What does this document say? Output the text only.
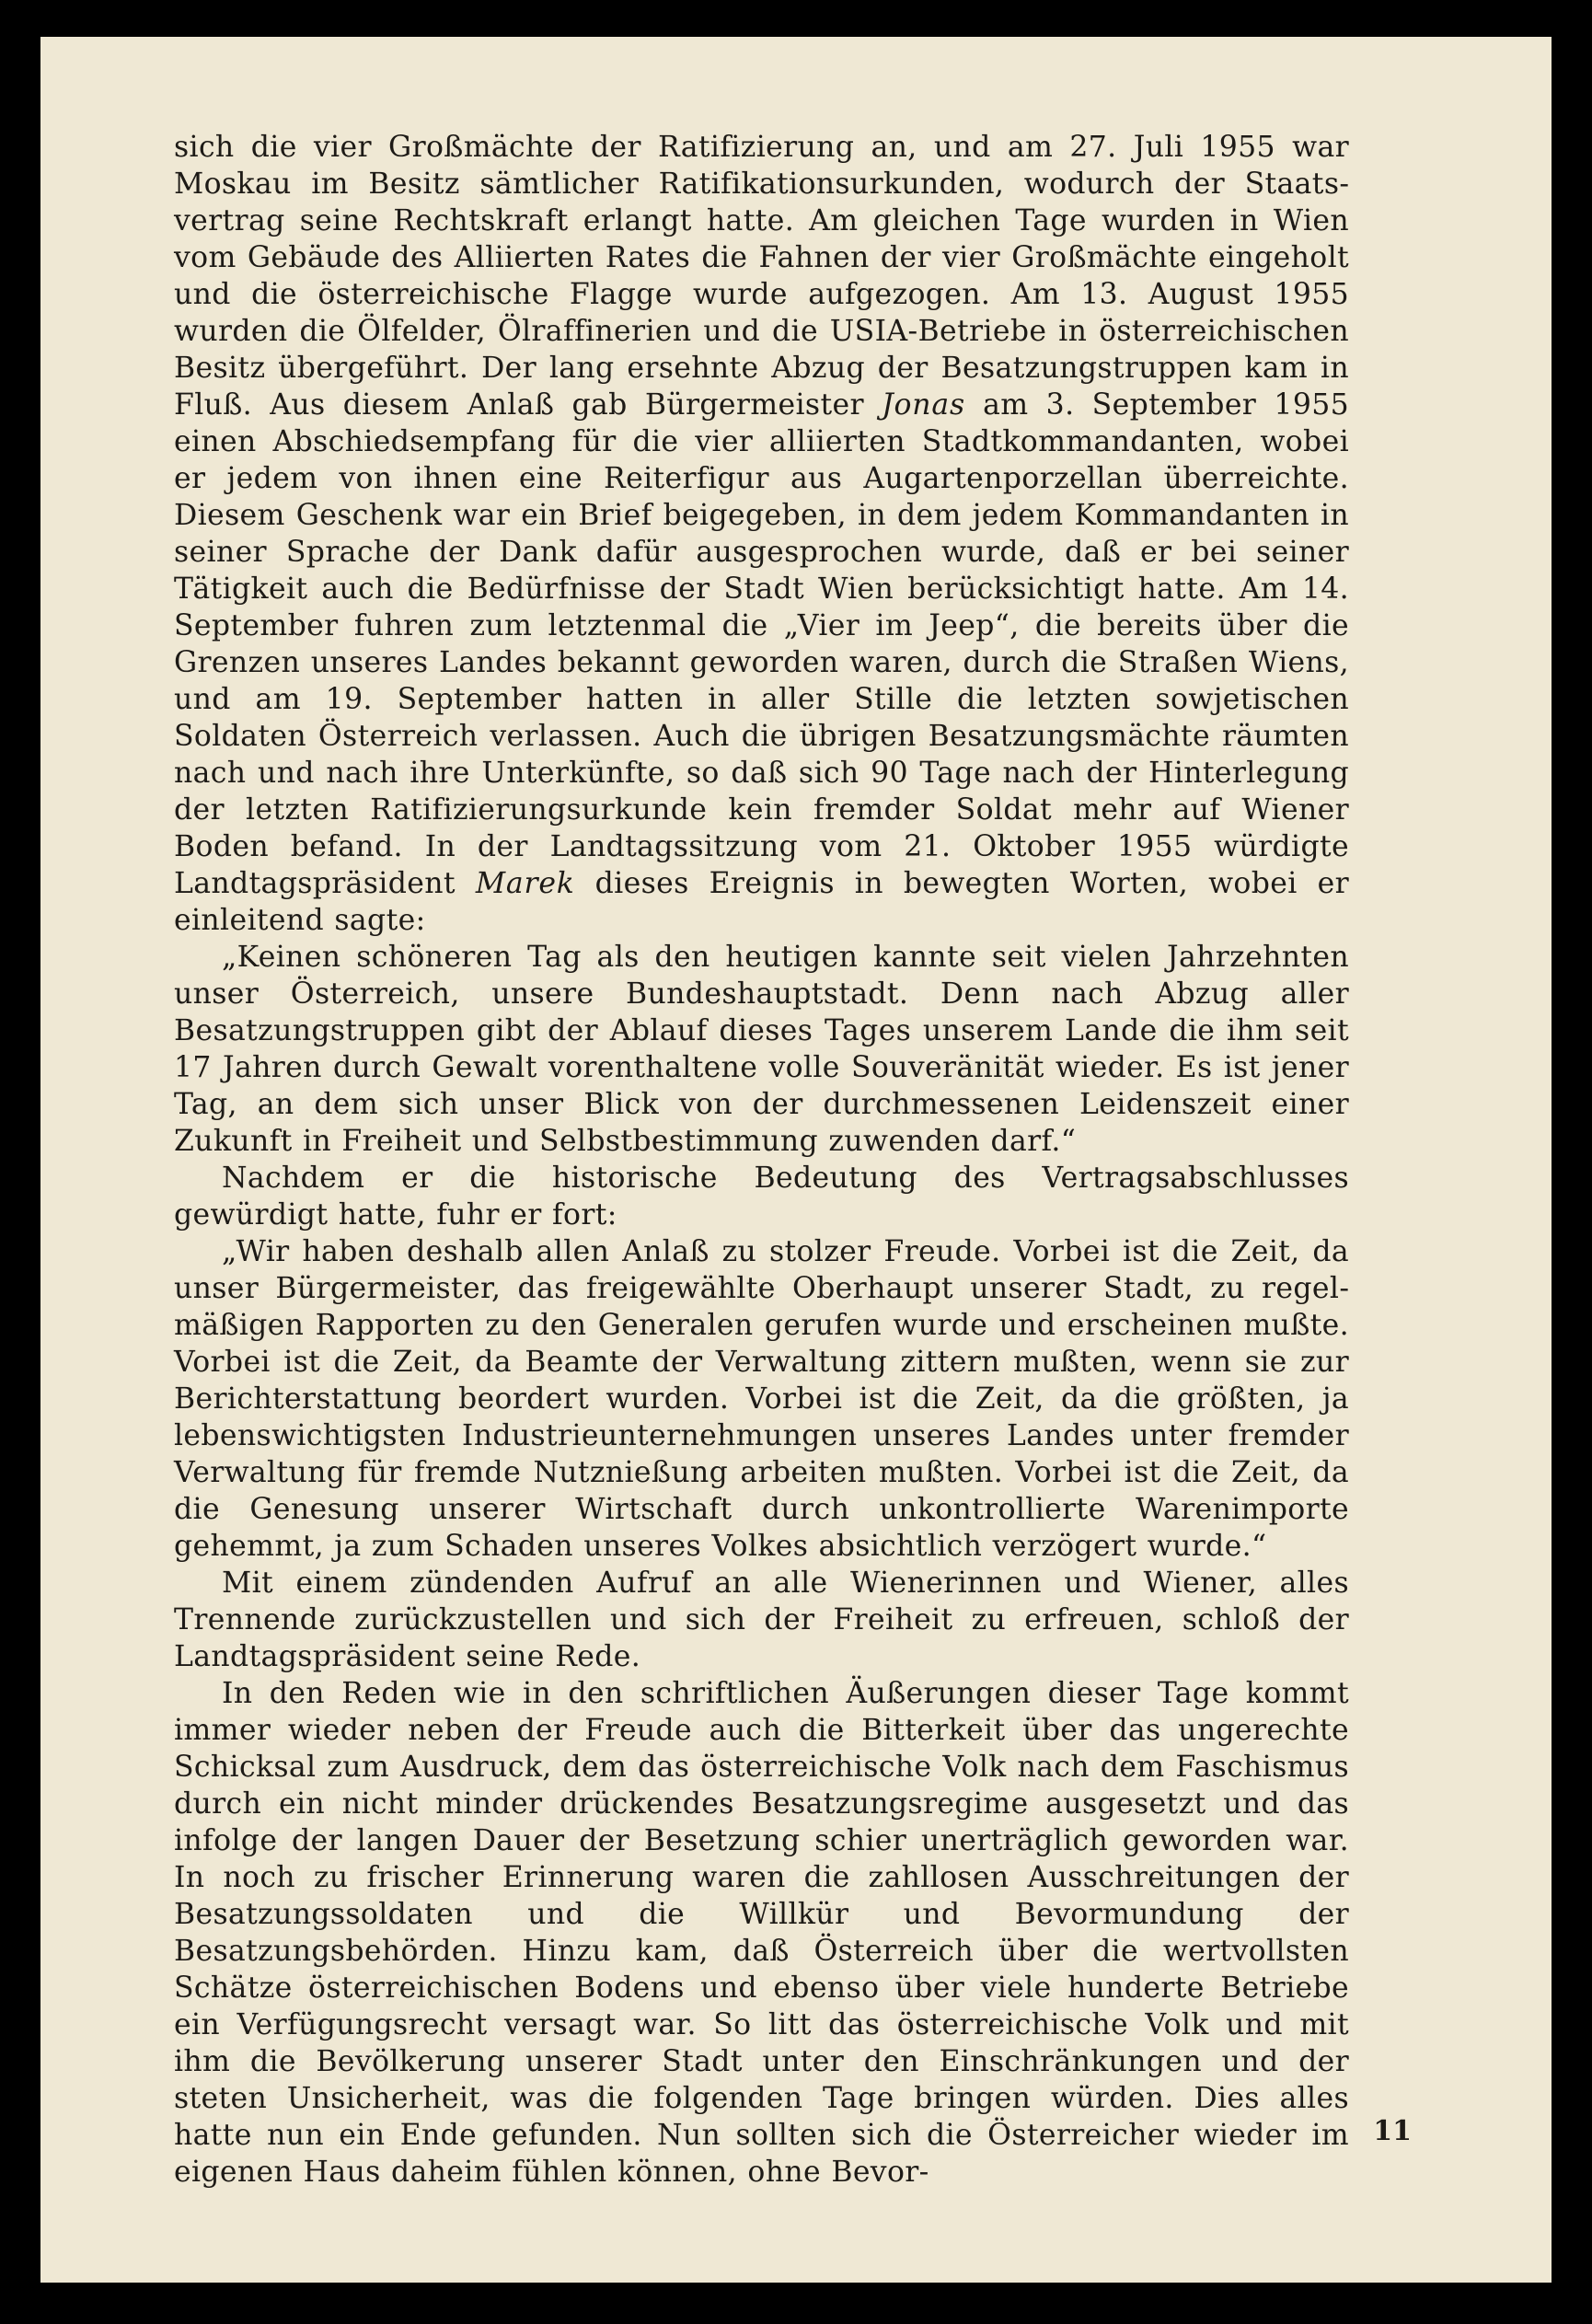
sich die vier Großmächte der Ratifizierung an, und am 27. Juli 1955 war Moskau im Besitz sämtlicher Ratifikationsurkunden, wodurch der Staatsvertrag seine Rechtskraft erlangt hatte. Am gleichen Tage wurden in Wien vom Gebäude des Alliierten Rates die Fahnen der vier Großmächte eingeholt und die österreichische Flagge wurde aufgezogen. Am 13. August 1955 wurden die Ölfelder, Ölraffinerien und die USIA-Betriebe in österreichischen Besitz übergeführt. Der lang ersehnte Abzug der Besatzungstruppen kam in Fluß. Aus diesem Anlaß gab Bürgermeister Jonas am 3. September 1955 einen Abschiedsempfang für die vier alliierten Stadtkommandanten, wobei er jedem von ihnen eine Reiterfigur aus Augartenporzellan überreichte. Diesem Geschenk war ein Brief beigegeben, in dem jedem Kommandanten in seiner Sprache der Dank dafür ausgesprochen wurde, daß er bei seiner Tätigkeit auch die Bedürfnisse der Stadt Wien berücksichtigt hatte. Am 14. September fuhren zum letztenmal die „Vier im Jeep“, die bereits über die Grenzen unseres Landes bekannt geworden waren, durch die Straßen Wiens, und am 19. September hatten in aller Stille die letzten sowjetischen Soldaten Österreich verlassen. Auch die übrigen Besatzungsmächte räumten nach und nach ihre Unterkünfte, so daß sich 90 Tage nach der Hinterlegung der letzten Ratifizierungsurkunde kein fremder Soldat mehr auf Wiener Boden befand. In der Landtagssitzung vom 21. Oktober 1955 würdigte Landtagspräsident Marek dieses Ereignis in bewegten Worten, wobei er einleitend sagte:

„Keinen schöneren Tag als den heutigen kannte seit vielen Jahrzehnten unser Österreich, unsere Bundeshauptstadt. Denn nach Abzug aller Besatzungstruppen gibt der Ablauf dieses Tages unserem Lande die ihm seit 17 Jahren durch Gewalt vorenthaltene volle Souveränität wieder. Es ist jener Tag, an dem sich unser Blick von der durchmessenen Leidenszeit einer Zukunft in Freiheit und Selbstbestimmung zuwenden darf.“

Nachdem er die historische Bedeutung des Vertragsabschlusses gewürdigt hatte, fuhr er fort:

„Wir haben deshalb allen Anlaß zu stolzer Freude. Vorbei ist die Zeit, da unser Bürgermeister, das freigewählte Oberhaupt unserer Stadt, zu regelmäßigen Rapporten zu den Generalen gerufen wurde und erscheinen mußte. Vorbei ist die Zeit, da Beamte der Verwaltung zittern mußten, wenn sie zur Berichterstattung beordert wurden. Vorbei ist die Zeit, da die größten, ja lebenswichtigsten Industrieunternehmungen unseres Landes unter fremder Verwaltung für fremde Nutznießung arbeiten mußten. Vorbei ist die Zeit, da die Genesung unserer Wirtschaft durch unkontrollierte Warenimporte gehemmt, ja zum Schaden unseres Volkes absichtlich verzögert wurde.“

Mit einem zündenden Aufruf an alle Wienerinnen und Wiener, alles Trennende zurückzustellen und sich der Freiheit zu erfreuen, schloß der Landtagspräsident seine Rede.

In den Reden wie in den schriftlichen Äußerungen dieser Tage kommt immer wieder neben der Freude auch die Bitterkeit über das ungerechte Schicksal zum Ausdruck, dem das österreichische Volk nach dem Faschismus durch ein nicht minder drückendes Besatzungsregime ausgesetzt und das infolge der langen Dauer der Besetzung schier unerträglich geworden war. In noch zu frischer Erinnerung waren die zahllosen Ausschreitungen der Besatzungssoldaten und die Willkür und Bevormundung der Besatzungsbehörden. Hinzu kam, daß Österreich über die wertvollsten Schätze österreichischen Bodens und ebenso über viele hunderte Betriebe ein Verfügungsrecht versagt war. So litt das österreichische Volk und mit ihm die Bevölkerung unserer Stadt unter den Einschränkungen und der steten Unsicherheit, was die folgenden Tage bringen würden. Dies alles hatte nun ein Ende gefunden. Nun sollten sich die Österreicher wieder im eigenen Haus daheim fühlen können, ohne Bevor-

11
